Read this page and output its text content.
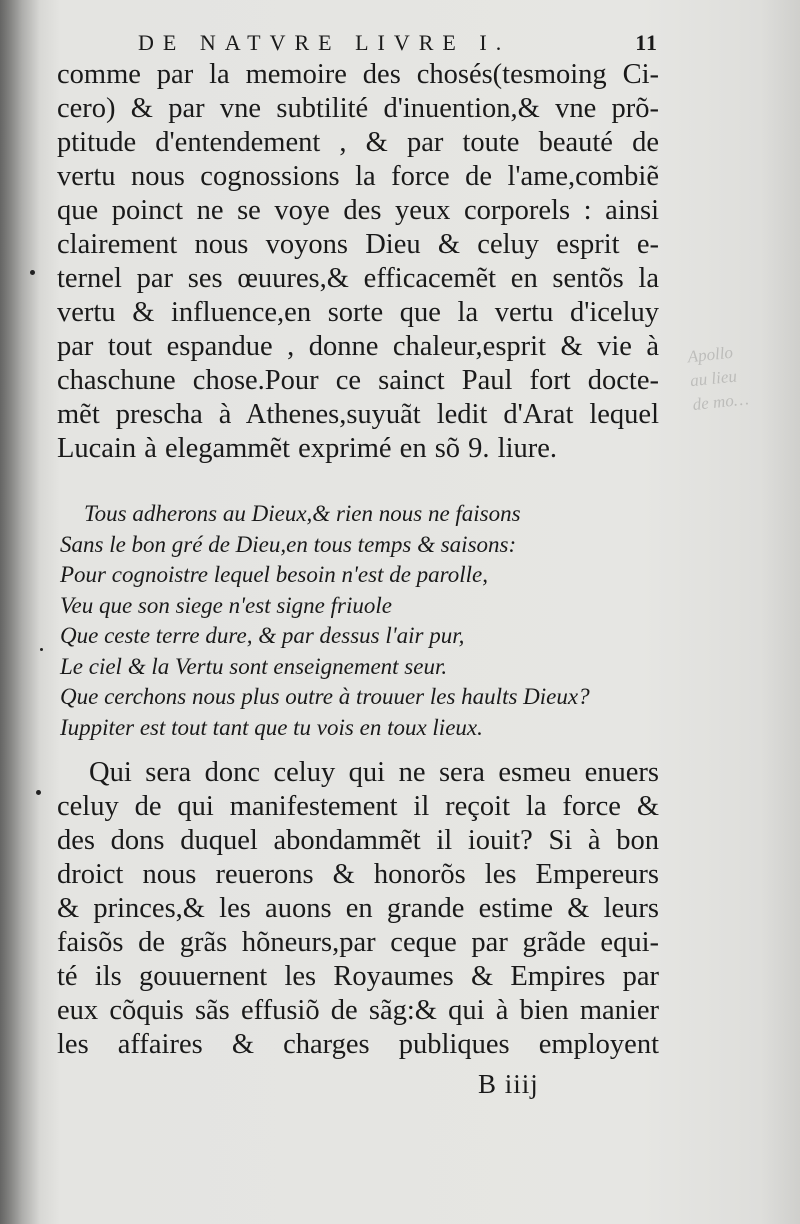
Apollo
au lieu
de mo…
DE NATVRE LIVRE I.	11
comme par la memoire des chosés(tesmoing Ci-
cero) & par vne subtilité d'inuention,& vne prõ-
ptitude d'entendement , & par toute beauté de
vertu nous cognossions la force de l'ame,combiẽ
que poinct ne se voye des yeux corporels : ainsi
clairement nous voyons Dieu & celuy esprit e-
ternel par ses œuures,& efficacemẽt en sentõs la
vertu & influence,en sorte que la vertu d'iceluy
par tout espandue , donne chaleur,esprit & vie à
chaschune chose.Pour ce sainct Paul fort docte-
mẽt prescha à Athenes,suyuãt ledit d'Arat lequel
Lucain à elegammẽt exprimé en sõ 9. liure.
Tous adherons au Dieux,& rien nous ne faisons
Sans le bon gré de Dieu,en tous temps & saisons:
Pour cognoistre lequel besoin n'est de parolle,
Veu que son siege n'est signe friuole
Que ceste terre dure, & par dessus l'air pur,
Le ciel & la Vertu sont enseignement seur.
Que cerchons nous plus outre à trouuer les haults Dieux?
Iuppiter est tout tant que tu vois en toux lieux.
Qui sera donc celuy qui ne sera esmeu enuers
celuy de qui manifestement il reçoit la force &
des dons duquel abondammẽt il iouit? Si à bon
droict nous reuerons & honorõs les Empereurs
& princes,& les auons en grande estime & leurs
faisõs de grãs hõneurs,par ceque par grãde equi-
té ils gouuernent les Royaumes & Empires par
eux cõquis sãs effusiõ de sãg:& qui à bien manier
les affaires & charges publiques employent
B iiij
